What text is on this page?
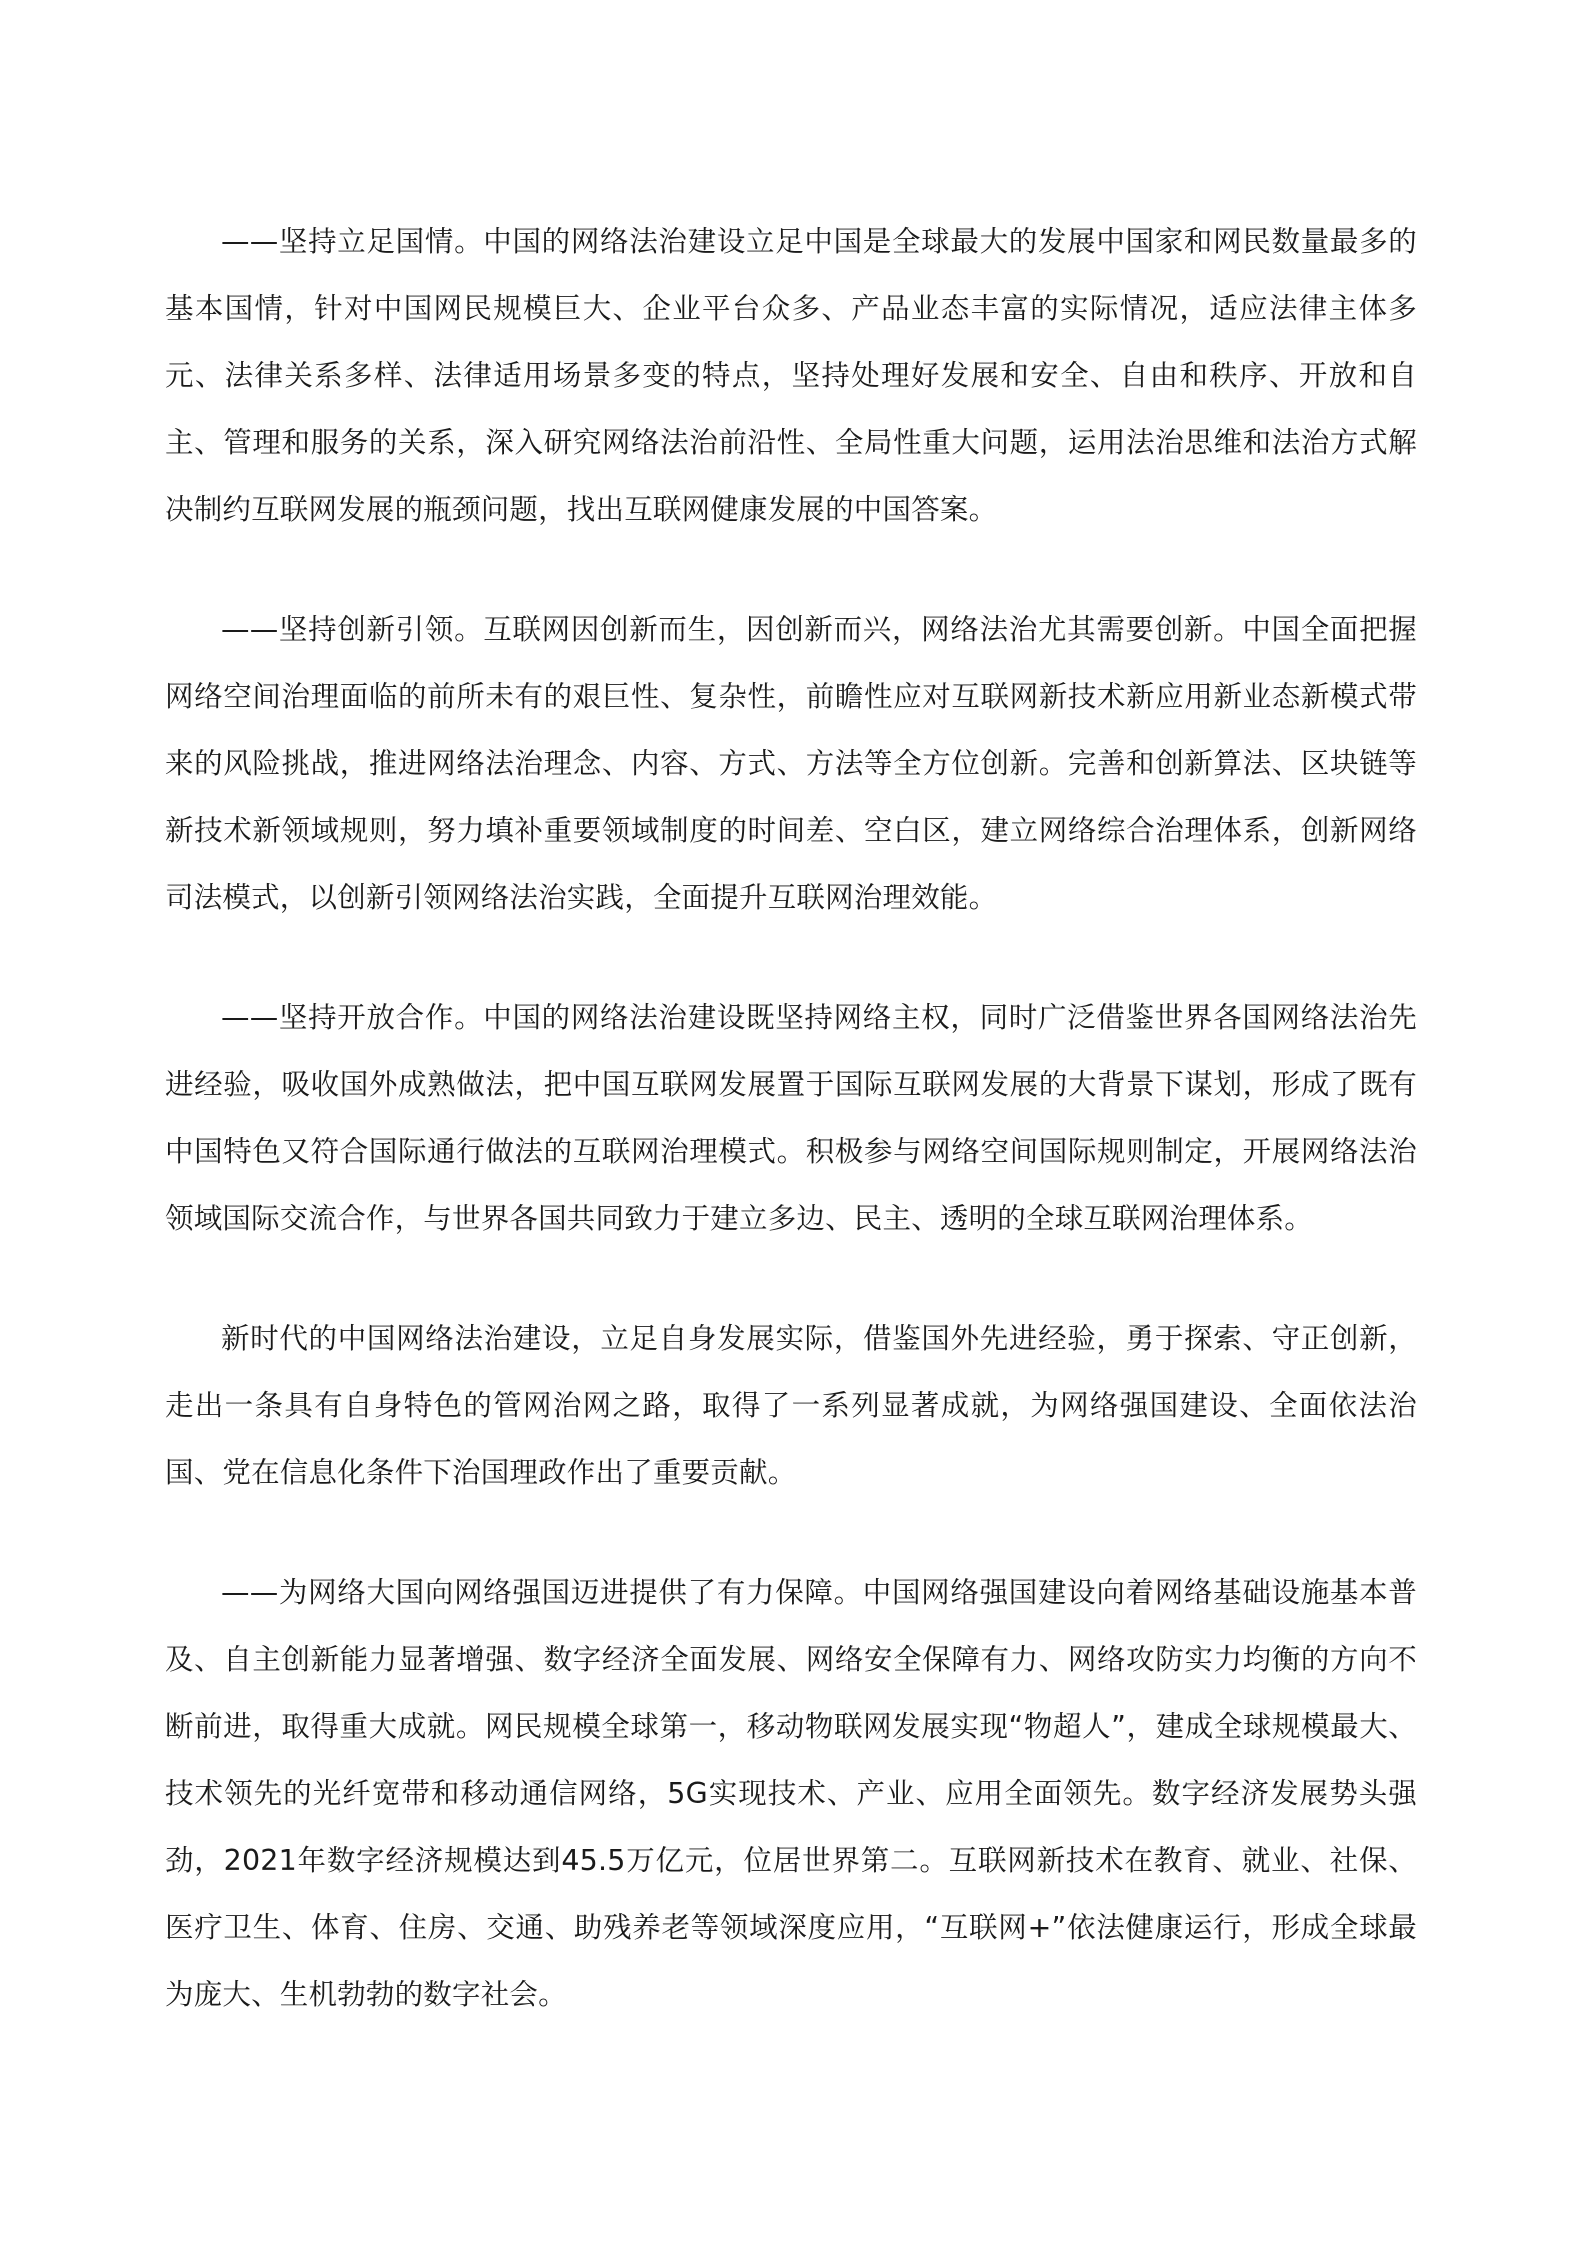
——坚持立足国情。中国的网络法治建设立足中国是全球最大的发展中国家和网民数量最多的基本国情，针对中国网民规模巨大、企业平台众多、产品业态丰富的实际情况，适应法律主体多元、法律关系多样、法律适用场景多变的特点，坚持处理好发展和安全、自由和秩序、开放和自主、管理和服务的关系，深入研究网络法治前沿性、全局性重大问题，运用法治思维和法治方式解决制约互联网发展的瓶颈问题，找出互联网健康发展的中国答案。

——坚持创新引领。互联网因创新而生，因创新而兴，网络法治尤其需要创新。中国全面把握网络空间治理面临的前所未有的艰巨性、复杂性，前瞻性应对互联网新技术新应用新业态新模式带来的风险挑战，推进网络法治理念、内容、方式、方法等全方位创新。完善和创新算法、区块链等新技术新领域规则，努力填补重要领域制度的时间差、空白区，建立网络综合治理体系，创新网络司法模式，以创新引领网络法治实践，全面提升互联网治理效能。

——坚持开放合作。中国的网络法治建设既坚持网络主权，同时广泛借鉴世界各国网络法治先进经验，吸收国外成熟做法，把中国互联网发展置于国际互联网发展的大背景下谋划，形成了既有中国特色又符合国际通行做法的互联网治理模式。积极参与网络空间国际规则制定，开展网络法治领域国际交流合作，与世界各国共同致力于建立多边、民主、透明的全球互联网治理体系。

新时代的中国网络法治建设，立足自身发展实际，借鉴国外先进经验，勇于探索、守正创新，走出一条具有自身特色的管网治网之路，取得了一系列显著成就，为网络强国建设、全面依法治国、党在信息化条件下治国理政作出了重要贡献。

——为网络大国向网络强国迈进提供了有力保障。中国网络强国建设向着网络基础设施基本普及、自主创新能力显著增强、数字经济全面发展、网络安全保障有力、网络攻防实力均衡的方向不断前进，取得重大成就。网民规模全球第一，移动物联网发展实现“物超人”，建成全球规模最大、技术领先的光纤宽带和移动通信网络，5G实现技术、产业、应用全面领先。数字经济发展势头强劲，2021年数字经济规模达到45.5万亿元，位居世界第二。互联网新技术在教育、就业、社保、医疗卫生、体育、住房、交通、助残养老等领域深度应用，“互联网+”依法健康运行，形成全球最为庞大、生机勃勃的数字社会。
